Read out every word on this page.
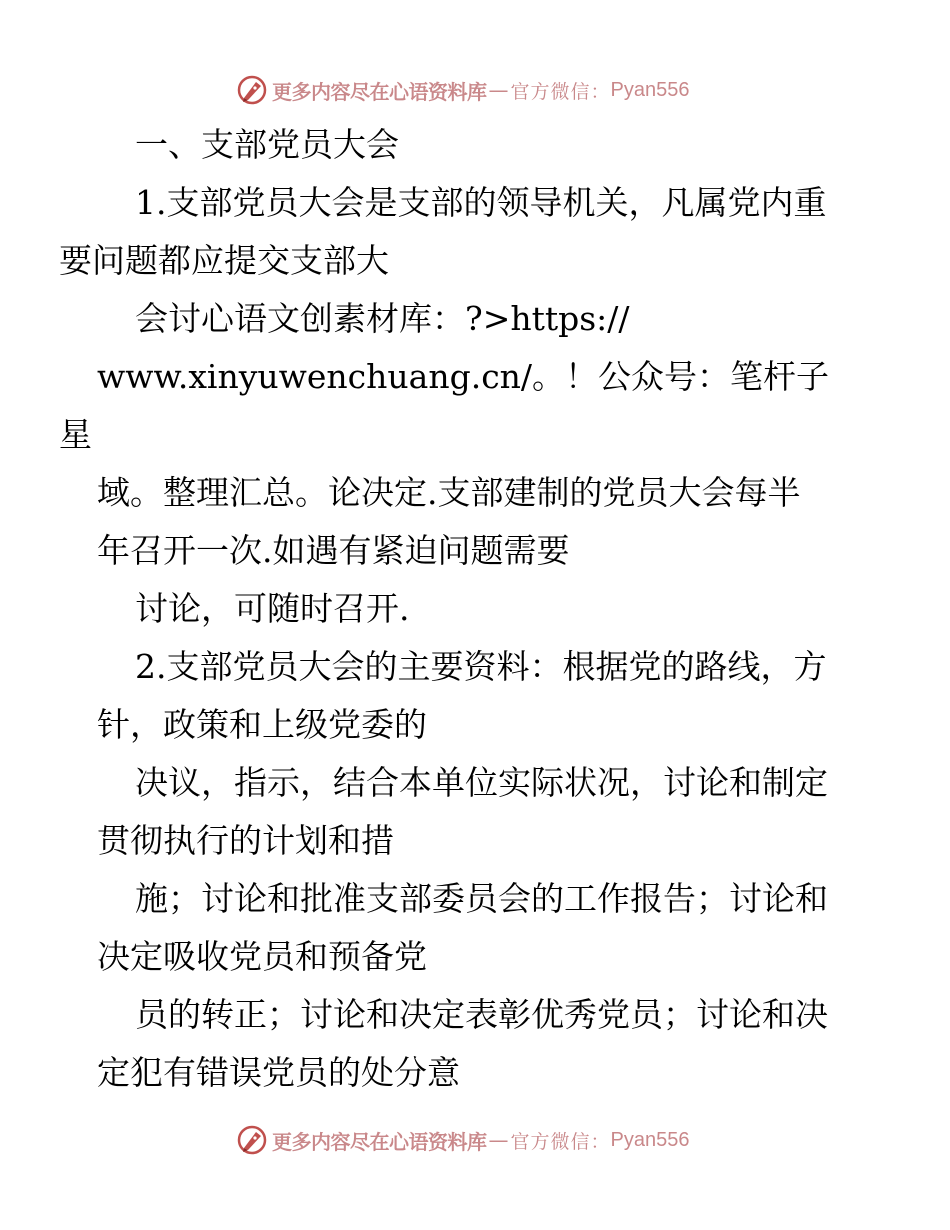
更多内容尽在心语资料库 — 官方微信： Pyan556

一、支部党员大会

1.支部党员大会是支部的领导机关，凡属党内重
要问题都应提交支部大

会讨心语文创素材库：?>https://
www.xinyuwenchuang.cn/。！公众号：笔杆子星
域。整理汇总。论决定.支部建制的党员大会每半
年召开一次.如遇有紧迫问题需要

讨论，可随时召开.

2.支部党员大会的主要资料：根据党的路线，方
针，政策和上级党委的

决议，指示，结合本单位实际状况，讨论和制定
贯彻执行的计划和措

施；讨论和批准支部委员会的工作报告；讨论和
决定吸收党员和预备党

员的转正；讨论和决定表彰优秀党员；讨论和决
定犯有错误党员的处分意

更多内容尽在心语资料库 — 官方微信： Pyan556
